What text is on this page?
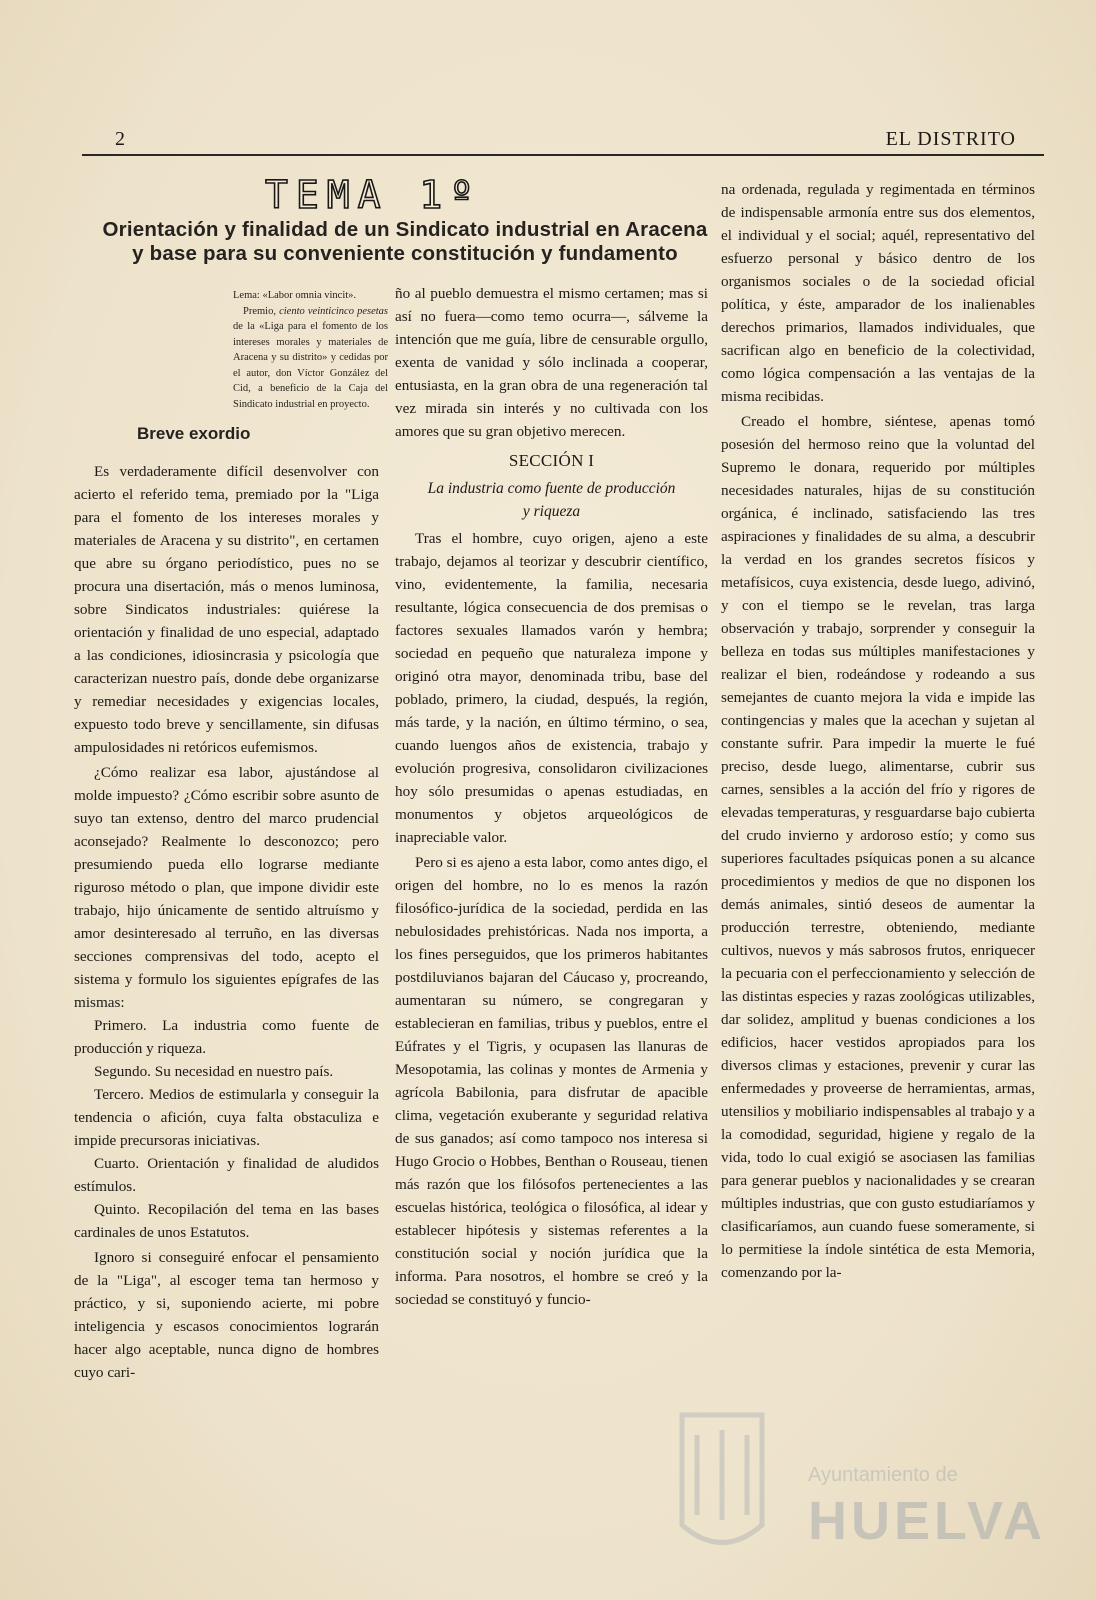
2	EL DISTRITO
TEMA 1º
Orientación y finalidad de un Sindicato industrial en Aracena
y base para su conveniente constitución y fundamento
Lema: «Labor omnia vincit».
Premio, ciento veinticinco pesetas de la «Liga para el fomento de los intereses morales y materiales de Aracena y su distrito» y cedidas por el autor, don Víctor González del Cid, a beneficio de la Caja del Sindicato industrial en proyecto.
Breve exordio

Es verdaderamente difícil desenvolver con acierto el referido tema, premiado por la "Liga para el fomento de los intereses morales y materiales de Aracena y su distrito", en certamen que abre su órgano periodístico, pues no se procura una disertación, más o menos luminosa, sobre Sindicatos industriales: quiérese la orientación y finalidad de uno especial, adaptado a las condiciones, idiosincrasia y psicología que caracterizan nuestro país, donde debe organizarse y remediar necesidades y exigencias locales, expuesto todo breve y sencillamente, sin difusas ampulosidades ni retóricos eufemismos.

¿Cómo realizar esa labor, ajustándose al molde impuesto? ¿Cómo escribir sobre asunto de suyo tan extenso, dentro del marco prudencial aconsejado? Realmente lo desconozco; pero presumiendo pueda ello lograrse mediante riguroso método o plan, que impone dividir este trabajo, hijo únicamente de sentido altruísmo y amor desinteresado al terruño, en las diversas secciones comprensivas del todo, acepto el sistema y formulo los siguientes epígrafes de las mismas:

Primero. La industria como fuente de producción y riqueza.

Segundo. Su necesidad en nuestro país.

Tercero. Medios de estimularla y conseguir la tendencia o afición, cuya falta obstaculiza e impide precursoras iniciativas.

Cuarto. Orientación y finalidad de aludidos estímulos.

Quinto. Recopilación del tema en las bases cardinales de unos Estatutos.

Ignoro si conseguiré enfocar el pensamiento de la "Liga", al escoger tema tan hermoso y práctico, y si, suponiendo acierte, mi pobre inteligencia y escasos conocimientos lograrán hacer algo aceptable, nunca digno de hombres cuyo cari-

ño al pueblo demuestra el mismo certamen; mas si así no fuera—como temo ocurra—, sálveme la intención que me guía, libre de censurable orgullo, exenta de vanidad y sólo inclinada a cooperar, entusiasta, en la gran obra de una regeneración tal vez mirada sin interés y no cultivada con los amores que su gran objetivo merecen.

SECCIÓN I
La industria como fuente de producción
y riqueza

Tras el hombre, cuyo origen, ajeno a este trabajo, dejamos al teorizar y descubrir científico, vino, evidentemente, la familia, necesaria resultante, lógica consecuencia de dos premisas o factores sexuales llamados varón y hembra; sociedad en pequeño que naturaleza impone y originó otra mayor, denominada tribu, base del poblado, primero, la ciudad, después, la región, más tarde, y la nación, en último término, o sea, cuando luengos años de existencia, trabajo y evolución progresiva, consolidaron civilizaciones hoy sólo presumidas o apenas estudiadas, en monumentos y objetos arqueológicos de inapreciable valor.

Pero si es ajeno a esta labor, como antes digo, el origen del hombre, no lo es menos la razón filosófico-jurídica de la sociedad, perdida en las nebulosidades prehistóricas. Nada nos importa, a los fines perseguidos, que los primeros habitantes postdiluvianos bajaran del Cáucaso y, procreando, aumentaran su número, se congregaran y establecieran en familias, tribus y pueblos, entre el Eúfrates y el Tigris, y ocupasen las llanuras de Mesopotamia, las colinas y montes de Armenia y agrícola Babilonia, para disfrutar de apacible clima, vegetación exuberante y seguridad relativa de sus ganados; así como tampoco nos interesa si Hugo Grocio o Hobbes, Benthan o Rouseau, tienen más razón que los filósofos pertenecientes a las escuelas histórica, teológica o filosófica, al idear y establecer hipótesis y sistemas referentes a la constitución social y noción jurídica que la informa. Para nosotros, el hombre se creó y la sociedad se constituyó y funcio-

na ordenada, regulada y regimentada en términos de indispensable armonía entre sus dos elementos, el individual y el social; aquél, representativo del esfuerzo personal y básico dentro de los organismos sociales o de la sociedad oficial política, y éste, amparador de los inalienables derechos primarios, llamados individuales, que sacrifican algo en beneficio de la colectividad, como lógica compensación a las ventajas de la misma recibidas.

Creado el hombre, siéntese, apenas tomó posesión del hermoso reino que la voluntad del Supremo le donara, requerido por múltiples necesidades naturales, hijas de su constitución orgánica, é inclinado, satisfaciendo las tres aspiraciones y finalidades de su alma, a descubrir la verdad en los grandes secretos físicos y metafísicos, cuya existencia, desde luego, adivinó, y con el tiempo se le revelan, tras larga observación y trabajo, sorprender y conseguir la belleza en todas sus múltiples manifestaciones y realizar el bien, rodeándose y rodeando a sus semejantes de cuanto mejora la vida e impide las contingencias y males que la acechan y sujetan al constante sufrir. Para impedir la muerte le fué preciso, desde luego, alimentarse, cubrir sus carnes, sensibles a la acción del frío y rigores de elevadas temperaturas, y resguardarse bajo cubierta del crudo invierno y ardoroso estío; y como sus superiores facultades psíquicas ponen a su alcance procedimientos y medios de que no disponen los demás animales, sintió deseos de aumentar la producción terrestre, obteniendo, mediante cultivos, nuevos y más sabrosos frutos, enriquecer la pecuaria con el perfeccionamiento y selección de las distintas especies y razas zoológicas utilizables, dar solidez, amplitud y buenas condiciones a los edificios, hacer vestidos apropiados para los diversos climas y estaciones, prevenir y curar las enfermedades y proveerse de herramientas, armas, utensilios y mobiliario indispensables al trabajo y a la comodidad, seguridad, higiene y regalo de la vida, todo lo cual exigió se asociasen las familias para generar pueblos y nacionalidades y se crearan múltiples industrias, que con gusto estudiaríamos y clasificaríamos, aun cuando fuese someramente, si lo permitiese la índole sintética de esta Memoria, comenzando por la-

Ayuntamiento de
HUELVA
